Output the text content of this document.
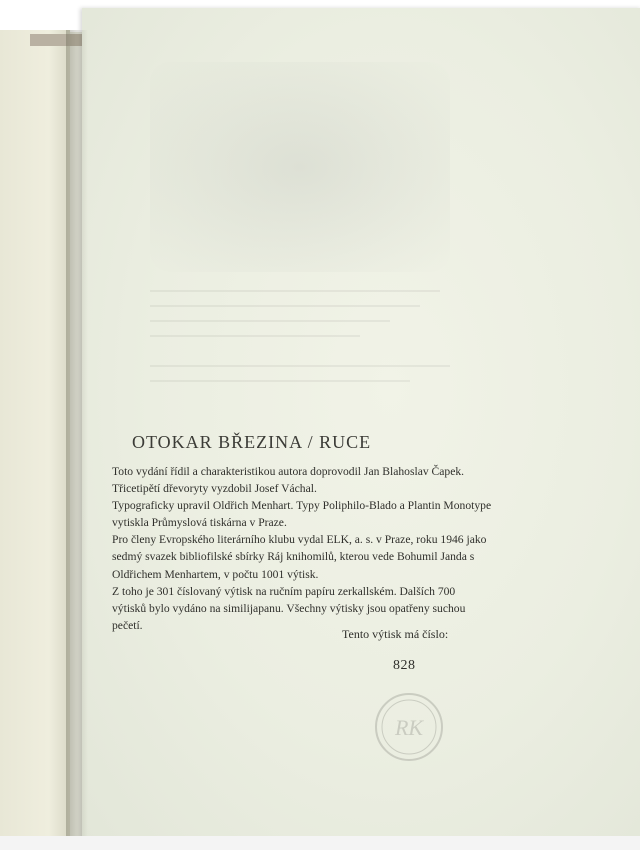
OTOKAR BŘEZINA / RUCE

Toto vydání řídil a charakteristikou autora doprovodil Jan Blahoslav Čapek. Třicetipětí dřevoryty vyzdobil Josef Váchal.

Typograficky upravil Oldřich Menhart. Typy Poliphilo-Blado a Plantin Monotype vytiskla Průmyslová tiskárna v Praze.

Pro členy Evropského literárního klubu vydal ELK, a. s. v Praze, roku 1946 jako sedmý svazek bibliofilské sbírky Ráj knihomilů, kterou vede Bohumil Janda s Oldřichem Menhartem, v počtu 1001 výtisk.

Z toho je 301 číslovaný výtisk na ručním papíru zerkallském. Dalších 700 výtisků bylo vydáno na similijapanu. Všechny výtisky jsou opatřeny suchou pečetí.

Tento výtisk má číslo:
828
RK
